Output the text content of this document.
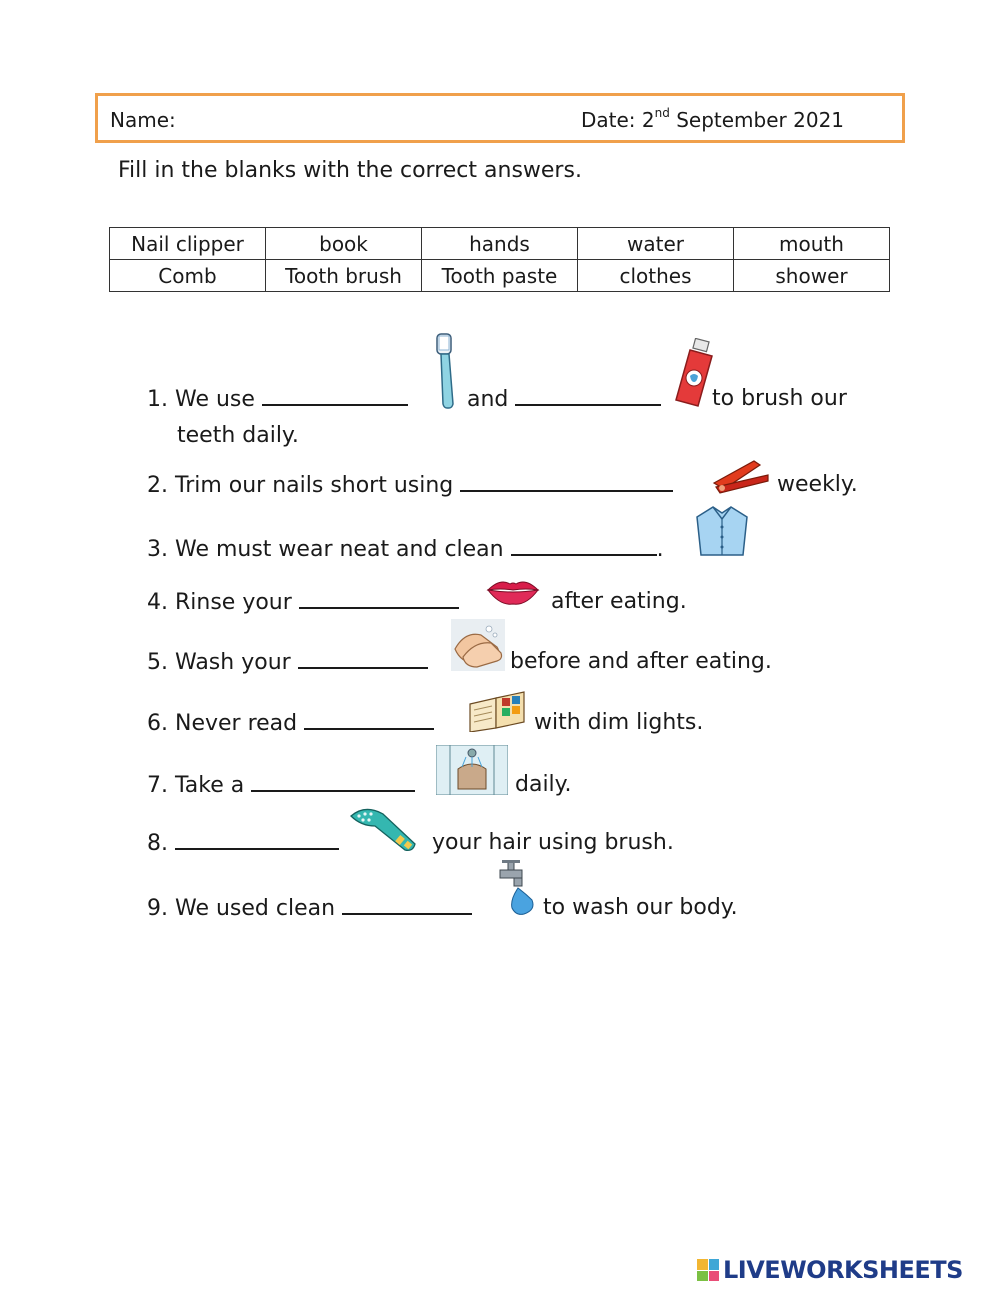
Name:	Date: 2nd September 2021
Fill in the blanks with the correct answers.
Nail clipper	book	hands	water	mouth
Comb	Tooth brush	Tooth paste	clothes	shower
1. We use	and	to brush our
teeth daily.
2. Trim our nails short using	weekly.
3. We must wear neat and clean	.
4. Rinse your	after eating.
5. Wash your	before and after eating.
6. Never read	with dim lights.
7. Take a	daily.
8.	your hair using brush.
9. We used clean	to wash our body.
LIVEWORKSHEETS
